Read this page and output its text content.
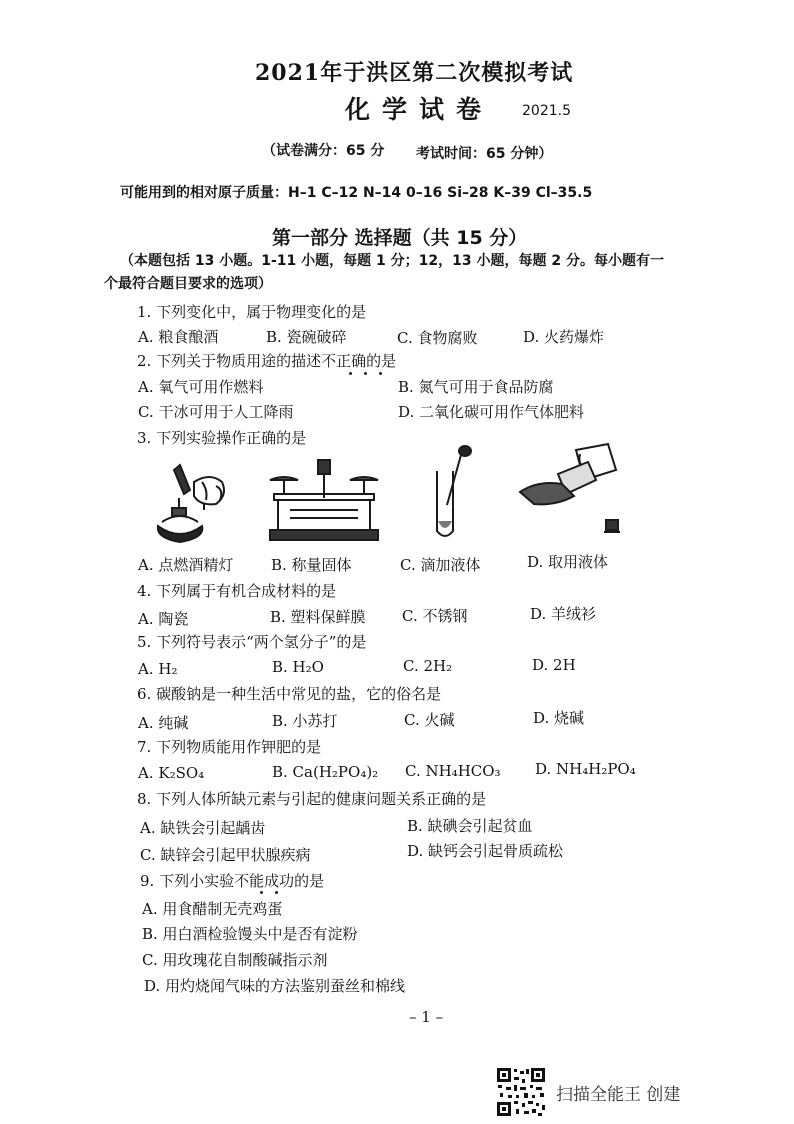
2021年于洪区第二次模拟考试
化学试卷 2021.5
（试卷满分：65 分 考试时间：65 分钟）
可能用到的相对原子质量：H–1 C–12 N–14 0–16 Si–28 K–39 Cl–35.5
第一部分 选择题（共 15 分）
（本题包括 13 小题。1-11 小题，每题 1 分；12，13 小题，每题 2 分。每小题有一
个最符合题目要求的选项）
1. 下列变化中，属于物理变化的是
A. 粮食酿酒	B. 瓷碗破碎	C. 食物腐败	D. 火药爆炸
2. 下列关于物质用途的描述不正确的是
A. 氧气可用作燃料	B. 氮气可用于食品防腐
C. 干冰可用于人工降雨	D. 二氧化碳可用作气体肥料
3. 下列实验操作正确的是
A. 点燃酒精灯	B. 称量固体	C. 滴加液体	D. 取用液体
4. 下列属于有机合成材料的是
A. 陶瓷	B. 塑料保鲜膜 C. 不锈钢	D. 羊绒衫
5. 下列符号表示“两个氢分子”的是
A. H₂	B. H₂O	C. 2H₂	D. 2H
6. 碳酸钠是一种生活中常见的盐，它的俗名是
A. 纯碱	B. 小苏打	C. 火碱	D. 烧碱
7. 下列物质能用作钾肥的是
A. K₂SO₄	B. Ca(H₂PO₄)₂ C. NH₄HCO₃ D. NH₄H₂PO₄
8. 下列人体所缺元素与引起的健康问题关系正确的是
A. 缺铁会引起龋齿	B. 缺碘会引起贫血
C. 缺锌会引起甲状腺疾病	D. 缺钙会引起骨质疏松
9. 下列小实验不能成功的是
A. 用食醋制无壳鸡蛋
B. 用白酒检验馒头中是否有淀粉
C. 用玫瑰花自制酸碱指示剂
D. 用灼烧闻气味的方法鉴别蚕丝和棉线
– 1 –
扫描全能王 创建
